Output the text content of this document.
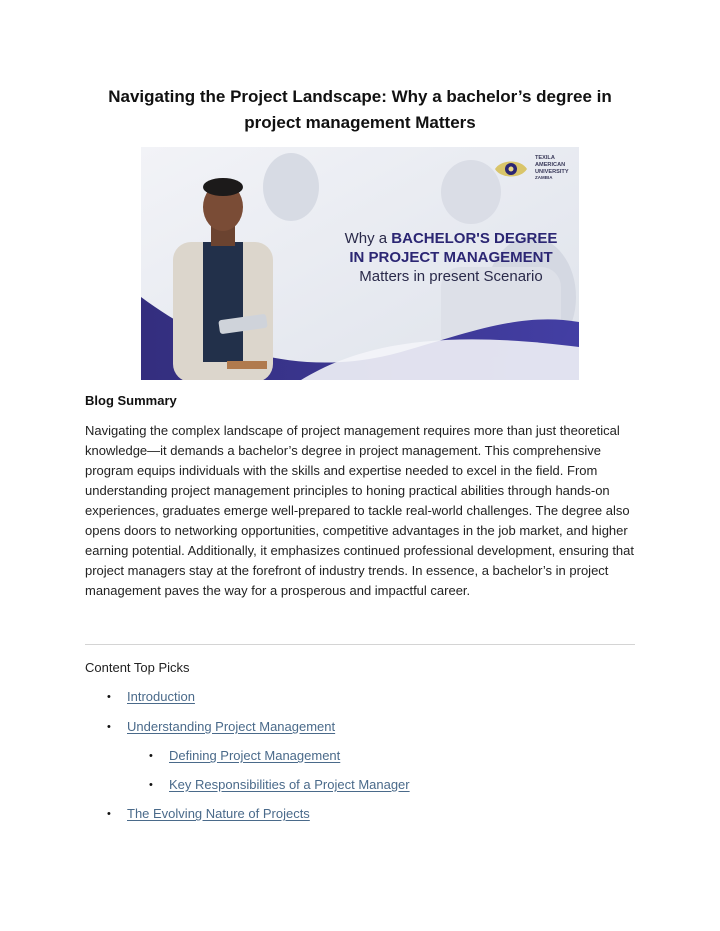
Navigating the Project Landscape: Why a bachelor’s degree in
project management Matters
TEXILA
AMERICAN
UNIVERSITY
ZAMBIA
Why a BACHELOR'S DEGREE
IN PROJECT MANAGEMENT
Matters in present Scenario
Blog Summary
Navigating the complex landscape of project management requires more than just theoretical knowledge—it demands a bachelor’s degree in project management. This comprehensive program equips individuals with the skills and expertise needed to excel in the field. From understanding project management principles to honing practical abilities through hands-on experiences, graduates emerge well-prepared to tackle real-world challenges. The degree also opens doors to networking opportunities, competitive advantages in the job market, and higher earning potential. Additionally, it emphasizes continued professional development, ensuring that project managers stay at the forefront of industry trends. In essence, a bachelor’s in project management paves the way for a prosperous and impactful career.
Content Top Picks
• Introduction
• Understanding Project Management
• Defining Project Management
• Key Responsibilities of a Project Manager
• The Evolving Nature of Projects
